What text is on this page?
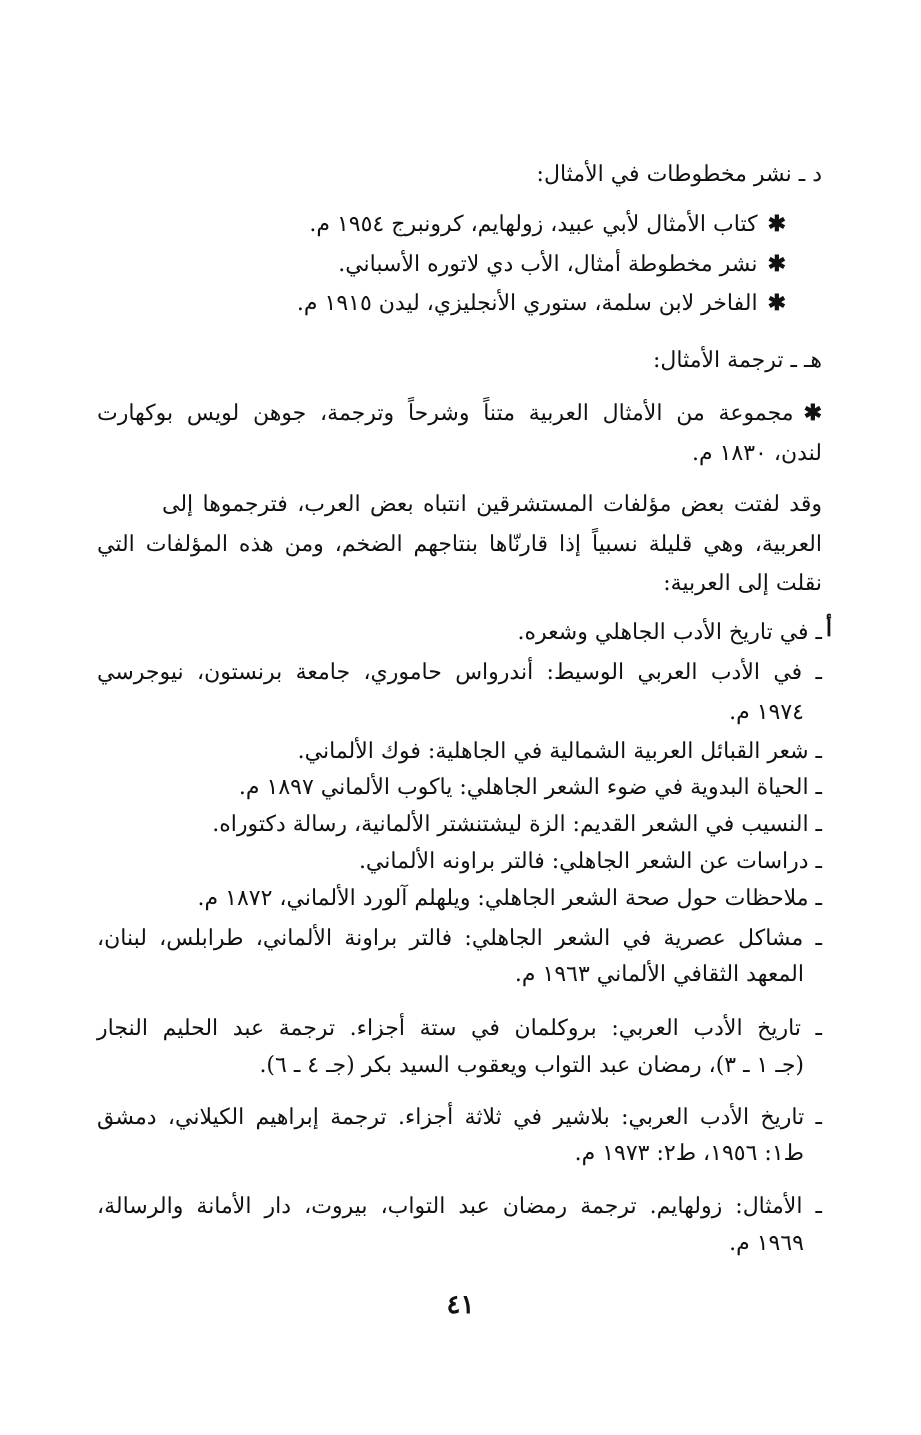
د ـ نشر مخطوطات في الأمثال:
✱كتاب الأمثال لأبي عبيد، زولهايم، كرونبرج ١٩٥٤ م.
✱نشر مخطوطة أمثال، الأب دي لاتوره الأسباني.
✱الفاخر لابن سلمة، ستوري الأنجليزي، ليدن ١٩١٥ م.
هـ ـ ترجمة الأمثال:
✱مجموعة من الأمثال العربية متناً وشرحاً وترجمة، جوهن لويس بوكهارت
لندن، ١٨٣٠ م.
وقد لفتت بعض مؤلفات المستشرقين انتباه بعض العرب، فترجموها إلى
العربية، وهي قليلة نسبياً إذا قارنّاها بنتاجهم الضخم، ومن هذه المؤلفات التي
نقلت إلى العربية:
أ
ـ في تاريخ الأدب الجاهلي وشعره.
ـ في الأدب العربي الوسيط: أندرواس حاموري، جامعة برنستون، نيوجرسي
١٩٧٤ م.
ـ شعر القبائل العربية الشمالية في الجاهلية: فوك الألماني.
ـ الحياة البدوية في ضوء الشعر الجاهلي: ياكوب الألماني ١٨٩٧ م.
ـ النسيب في الشعر القديم: الزة ليشتنشتر الألمانية، رسالة دكتوراه.
ـ دراسات عن الشعر الجاهلي: فالتر براونه الألماني.
ـ ملاحظات حول صحة الشعر الجاهلي: ويلهلم آلورد الألماني، ١٨٧٢ م.
ـ مشاكل عصرية في الشعر الجاهلي: فالتر براونة الألماني، طرابلس، لبنان،
المعهد الثقافي الألماني ١٩٦٣ م.
ـ تاريخ الأدب العربي: بروكلمان في ستة أجزاء. ترجمة عبد الحليم النجار
(جـ ١ ـ ٣)، رمضان عبد التواب ويعقوب السيد بكر (جـ ٤ ـ ٦).
ـ تاريخ الأدب العربي: بلاشير في ثلاثة أجزاء. ترجمة إبراهيم الكيلاني، دمشق
ط١: ١٩٥٦، ط٢: ١٩٧٣ م.
ـ الأمثال: زولهايم. ترجمة رمضان عبد التواب، بيروت، دار الأمانة والرسالة،
١٩٦٩ م.
٤١
